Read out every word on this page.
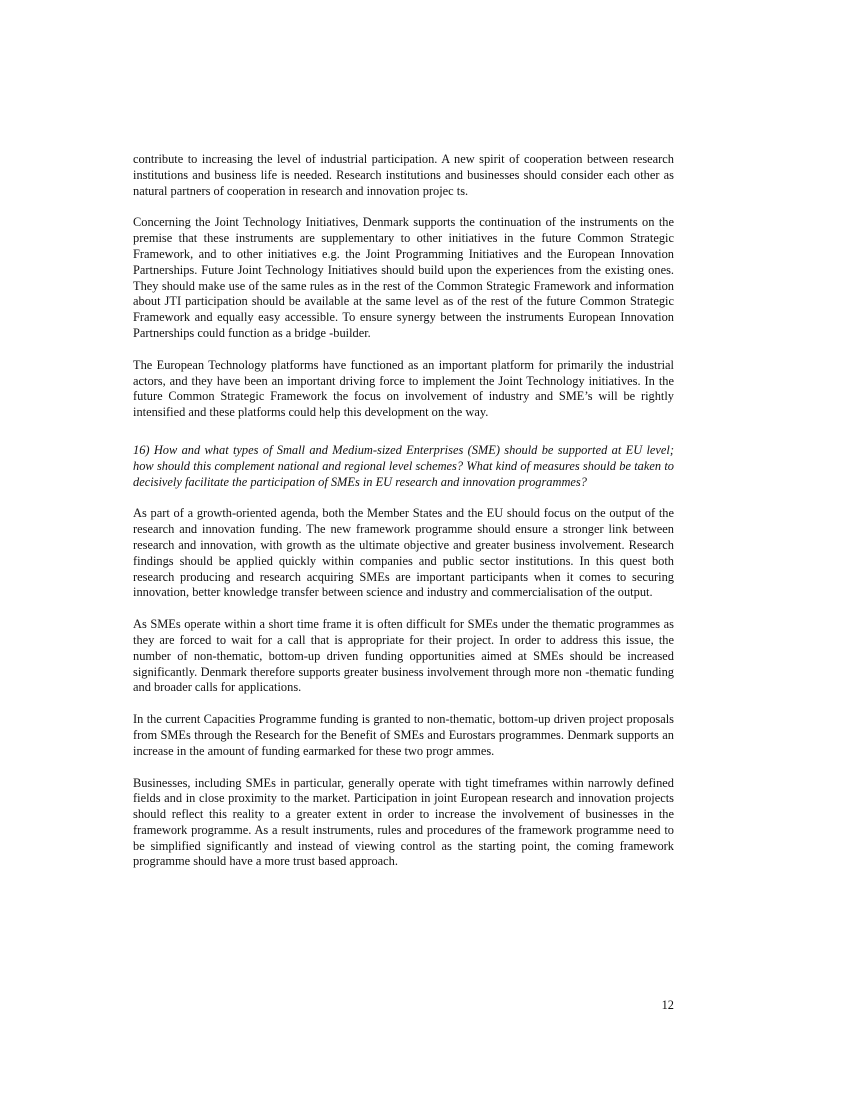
contribute to increasing the level of industrial participation. A new spirit of cooperation between research institutions and business life is needed. Research institutions and businesses should consider each other as natural partners of cooperation in research and innovation projec ts.

Concerning the Joint Technology Initiatives, Denmark supports the continuation of the instruments on the premise that these instruments are supplementary to other initiatives in the future Common Strategic Framework, and to other initiatives e.g. the Joint Programming Initiatives and the European Innovation Partnerships. Future Joint Technology Initiatives should build upon the experiences from the existing ones. They should make use of the same rules as in the rest of the Common Strategic Framework and information about JTI participation should be available at the same level as of the rest of the future Common Strategic Framework and equally easy accessible. To ensure synergy between the instruments European Innovation Partnerships could function as a bridge -builder.

The European Technology platforms have functioned as an important platform for primarily the industrial actors, and they have been an important driving force to implement the Joint Technology initiatives. In the future Common Strategic Framework the focus on involvement of industry and SME’s will be rightly intensified and these platforms could help this development on the way.

16) How and what types of Small and Medium-sized Enterprises (SME) should be supported at EU level; how should this complement national and regional level schemes? What kind of measures should be taken to decisively facilitate the participation of SMEs in EU research and innovation programmes?

As part of a growth-oriented agenda, both the Member States and the EU should focus on the output of the research and innovation funding. The new framework programme should ensure a stronger link between research and innovation, with growth as the ultimate objective and greater business involvement. Research findings should be applied quickly within companies and public sector institutions. In this quest both research producing and research acquiring SMEs are important participants when it comes to securing innovation, better knowledge transfer between science and industry and commercialisation of the output.

As SMEs operate within a short time frame it is often difficult for SMEs under the thematic programmes as they are forced to wait for a call that is appropriate for their project. In order to address this issue, the number of non-thematic, bottom-up driven funding opportunities aimed at SMEs should be increased significantly. Denmark therefore supports greater business involvement through more non -thematic funding and broader calls for applications.

In the current Capacities Programme funding is granted to non-thematic, bottom-up driven project proposals from SMEs through the Research for the Benefit of SMEs and Eurostars programmes. Denmark supports an increase in the amount of funding earmarked for these two progr ammes.

Businesses, including SMEs in particular, generally operate with tight timeframes within narrowly defined fields and in close proximity to the market. Participation in joint European research and innovation projects should reflect this reality to a greater extent in order to increase the involvement of businesses in the framework programme. As a result instruments, rules and procedures of the framework programme need to be simplified significantly and instead of viewing control as the starting point, the coming framework programme should have a more trust based approach.

12
